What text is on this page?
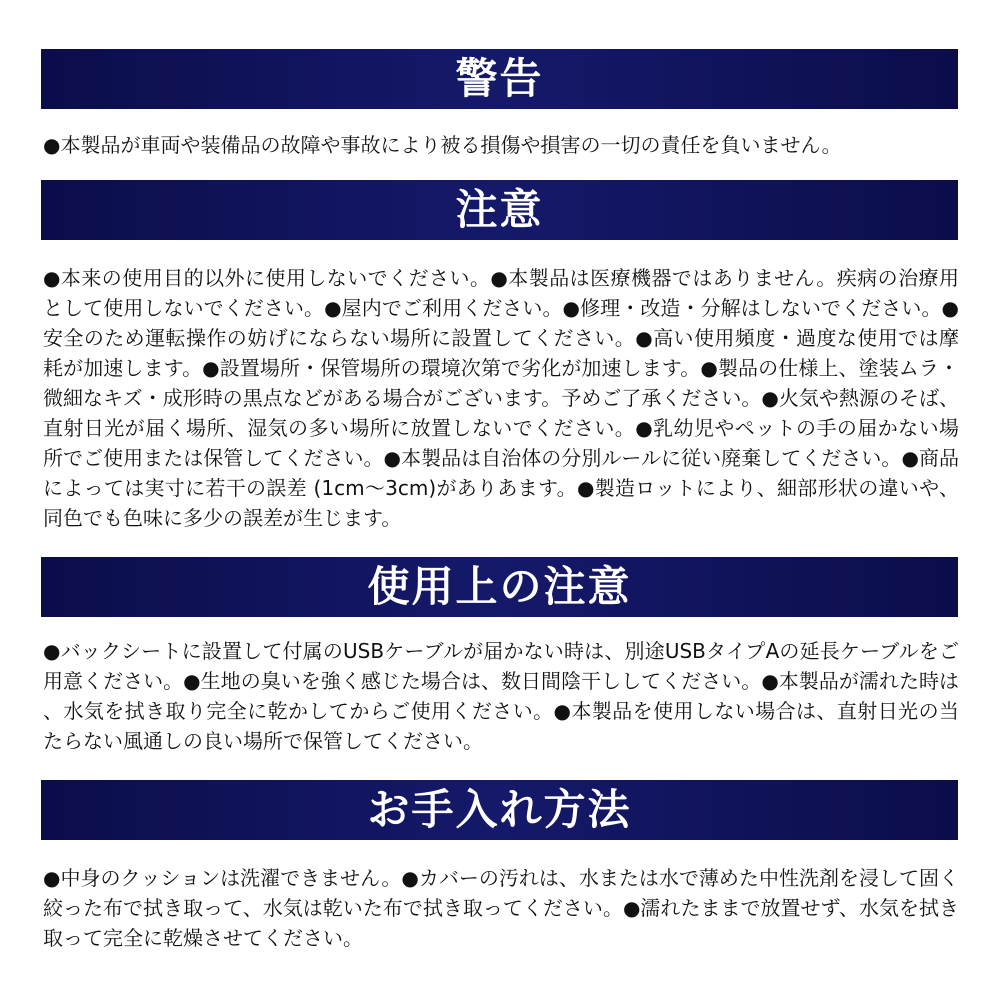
警告

●本製品が車両や装備品の故障や事故により被る損傷や損害の一切の責任を負いません。

注意

●本来の使用目的以外に使用しないでください。●本製品は医療機器ではありません。疾病の治療用として使用しないでください。●屋内でご利用ください。●修理・改造・分解はしないでください。●安全のため運転操作の妨げにならない場所に設置してください。●高い使用頻度・過度な使用では摩耗が加速します。●設置場所・保管場所の環境次第で劣化が加速します。●製品の仕様上、塗装ムラ・微細なキズ・成形時の黒点などがある場合がございます。予めご了承ください。●火気や熱源のそば、直射日光が届く場所、湿気の多い場所に放置しないでください。●乳幼児やペットの手の届かない場所でご使用または保管してください。●本製品は自治体の分別ルールに従い廃棄してください。●商品によっては実寸に若干の誤差 (1cm〜3cm)がありあます。●製造ロットにより、細部形状の違いや、同色でも色味に多少の誤差が生じます。

使用上の注意

●バックシートに設置して付属のUSBケーブルが届かない時は、別途USBタイプAの延長ケーブルをご用意ください。●生地の臭いを強く感じた場合は、数日間陰干ししてください。●本製品が濡れた時は、水気を拭き取り完全に乾かしてからご使用ください。●本製品を使用しない場合は、直射日光の当たらない風通しの良い場所で保管してください。

お手入れ方法

●中身のクッションは洗濯できません。●カバーの汚れは、水または水で薄めた中性洗剤を浸して固く絞った布で拭き取って、水気は乾いた布で拭き取ってください。●濡れたままで放置せず、水気を拭き取って完全に乾燥させてください。
